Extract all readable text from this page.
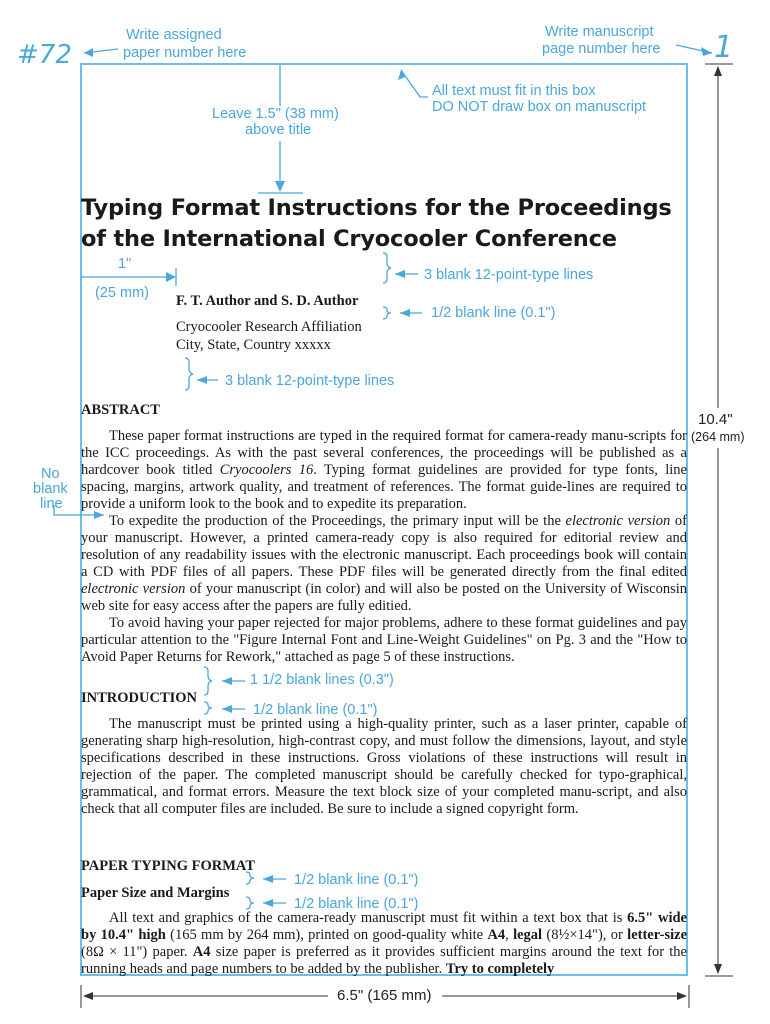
#72	1
Write assigned
paper number here
Write manuscript
page number here
All text must fit in this box
DO NOT draw box on manuscript
Leave 1.5" (38 mm)
above title
1"
(25 mm)
3 blank 12-point-type lines
1/2 blank line (0.1")
3 blank 12-point-type lines
No
blank
line
10.4"
(264 mm)
1 1/2 blank lines (0.3")
1/2 blank line (0.1")
1/2 blank line (0.1")
1/2 blank line (0.1")
6.5" (165 mm)
Typing Format Instructions for the Proceedings
of the International Cryocooler Conference
F. T. Author and S. D. Author
Cryocooler Research Affiliation
City, State, Country xxxxx
ABSTRACT
These paper format instructions are typed in the required format for camera-ready manu-scripts for the ICC proceedings. As with the past several conferences, the proceedings will be published as a hardcover book titled Cryocoolers 16. Typing format guidelines are provided for type fonts, line spacing, margins, artwork quality, and treatment of references. The format guide-lines are required to provide a uniform look to the book and to expedite its preparation.
To expedite the production of the Proceedings, the primary input will be the electronic version of your manuscript. However, a printed camera-ready copy is also required for editorial review and resolution of any readability issues with the electronic manuscript. Each proceedings book will contain a CD with PDF files of all papers. These PDF files will be generated directly from the final edited electronic version of your manuscript (in color) and will also be posted on the University of Wisconsin web site for easy access after the papers are fully editied.
To avoid having your paper rejected for major problems, adhere to these format guidelines and pay particular attention to the "Figure Internal Font and Line-Weight Guidelines" on Pg. 3 and the "How to Avoid Paper Returns for Rework," attached as page 5 of these instructions.
INTRODUCTION
The manuscript must be printed using a high-quality printer, such as a laser printer, capable of generating sharp high-resolution, high-contrast copy, and must follow the dimensions, layout, and style specifications described in these instructions. Gross violations of these instructions will result in rejection of the paper. The completed manuscript should be carefully checked for typo-graphical, grammatical, and format errors. Measure the text block size of your completed manu-script, and also check that all computer files are included. Be sure to include a signed copyright form.
PAPER TYPING FORMAT
Paper Size and Margins
All text and graphics of the camera-ready manuscript must fit within a text box that is 6.5" wide by 10.4" high (165 mm by 264 mm), printed on good-quality white A4, legal (8½×14"), or letter-size (8Ω × 11") paper. A4 size paper is preferred as it provides sufficient margins around the text for the running heads and page numbers to be added by the publisher. Try to completely
